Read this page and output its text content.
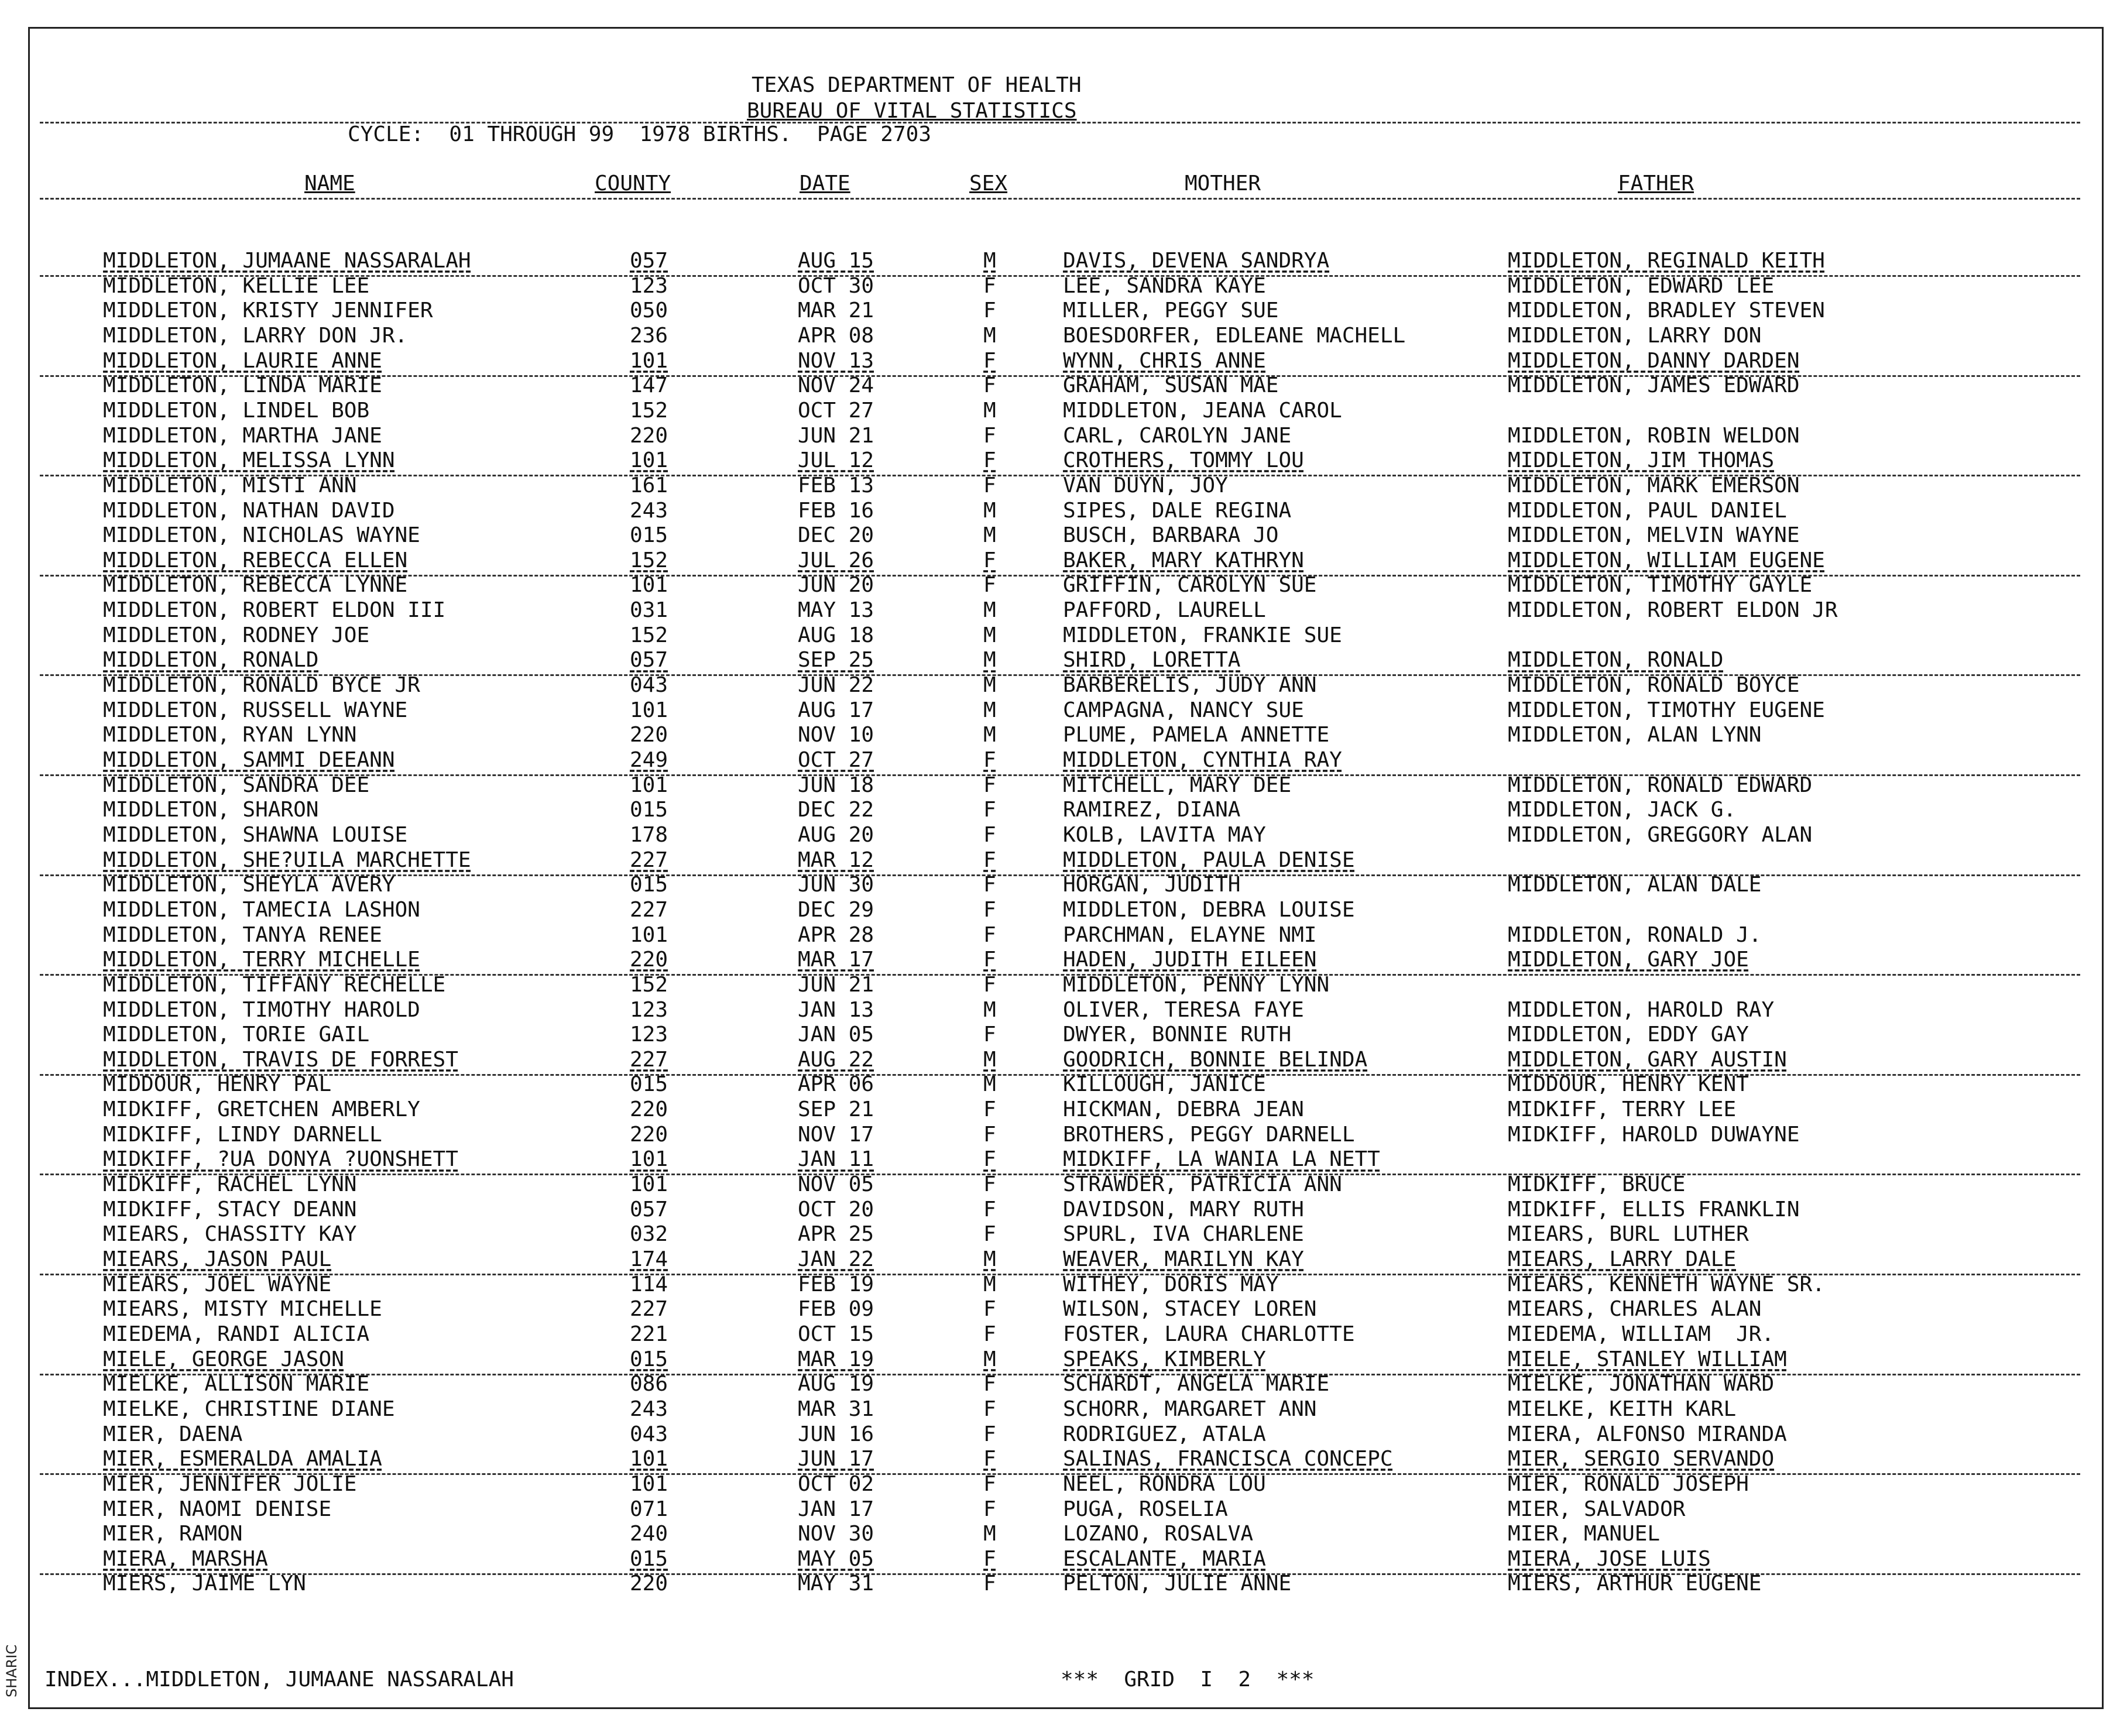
TEXAS DEPARTMENT OF HEALTH
BUREAU OF VITAL STATISTICS
CYCLE:  01 THROUGH 99  1978 BIRTHS.  PAGE 2703
NAME	COUNTY	DATE	SEX	MOTHER	FATHER
MIDDLETON, JUMAANE NASSARALAH	057	AUG 15	M	DAVIS, DEVENA SANDRYA	MIDDLETON, REGINALD KEITH
MIDDLETON, KELLIE LEE	123	OCT 30	F	LEE, SANDRA KAYE	MIDDLETON, EDWARD LEE
MIDDLETON, KRISTY JENNIFER	050	MAR 21	F	MILLER, PEGGY SUE	MIDDLETON, BRADLEY STEVEN
MIDDLETON, LARRY DON JR.	236	APR 08	M	BOESDORFER, EDLEANE MACHELL	MIDDLETON, LARRY DON
MIDDLETON, LAURIE ANNE	101	NOV 13	F	WYNN, CHRIS ANNE	MIDDLETON, DANNY DARDEN
MIDDLETON, LINDA MARIE	147	NOV 24	F	GRAHAM, SUSAN MAE	MIDDLETON, JAMES EDWARD
MIDDLETON, LINDEL BOB	152	OCT 27	M	MIDDLETON, JEANA CAROL
MIDDLETON, MARTHA JANE	220	JUN 21	F	CARL, CAROLYN JANE	MIDDLETON, ROBIN WELDON
MIDDLETON, MELISSA LYNN	101	JUL 12	F	CROTHERS, TOMMY LOU	MIDDLETON, JIM THOMAS
MIDDLETON, MISTI ANN	161	FEB 13	F	VAN DUYN, JOY	MIDDLETON, MARK EMERSON
MIDDLETON, NATHAN DAVID	243	FEB 16	M	SIPES, DALE REGINA	MIDDLETON, PAUL DANIEL
MIDDLETON, NICHOLAS WAYNE	015	DEC 20	M	BUSCH, BARBARA JO	MIDDLETON, MELVIN WAYNE
MIDDLETON, REBECCA ELLEN	152	JUL 26	F	BAKER, MARY KATHRYN	MIDDLETON, WILLIAM EUGENE
MIDDLETON, REBECCA LYNNE	101	JUN 20	F	GRIFFIN, CAROLYN SUE	MIDDLETON, TIMOTHY GAYLE
MIDDLETON, ROBERT ELDON III	031	MAY 13	M	PAFFORD, LAURELL	MIDDLETON, ROBERT ELDON JR
MIDDLETON, RODNEY JOE	152	AUG 18	M	MIDDLETON, FRANKIE SUE
MIDDLETON, RONALD	057	SEP 25	M	SHIRD, LORETTA	MIDDLETON, RONALD
MIDDLETON, RONALD BYCE JR	043	JUN 22	M	BARBERELIS, JUDY ANN	MIDDLETON, RONALD BOYCE
MIDDLETON, RUSSELL WAYNE	101	AUG 17	M	CAMPAGNA, NANCY SUE	MIDDLETON, TIMOTHY EUGENE
MIDDLETON, RYAN LYNN	220	NOV 10	M	PLUME, PAMELA ANNETTE	MIDDLETON, ALAN LYNN
MIDDLETON, SAMMI DEEANN	249	OCT 27	F	MIDDLETON, CYNTHIA RAY
MIDDLETON, SANDRA DEE	101	JUN 18	F	MITCHELL, MARY DEE	MIDDLETON, RONALD EDWARD
MIDDLETON, SHARON	015	DEC 22	F	RAMIREZ, DIANA	MIDDLETON, JACK G.
MIDDLETON, SHAWNA LOUISE	178	AUG 20	F	KOLB, LAVITA MAY	MIDDLETON, GREGGORY ALAN
MIDDLETON, SHE?UILA MARCHETTE	227	MAR 12	F	MIDDLETON, PAULA DENISE
MIDDLETON, SHEYLA AVERY	015	JUN 30	F	HORGAN, JUDITH	MIDDLETON, ALAN DALE
MIDDLETON, TAMECIA LASHON	227	DEC 29	F	MIDDLETON, DEBRA LOUISE
MIDDLETON, TANYA RENEE	101	APR 28	F	PARCHMAN, ELAYNE NMI	MIDDLETON, RONALD J.
MIDDLETON, TERRY MICHELLE	220	MAR 17	F	HADEN, JUDITH EILEEN	MIDDLETON, GARY JOE
MIDDLETON, TIFFANY RECHELLE	152	JUN 21	F	MIDDLETON, PENNY LYNN
MIDDLETON, TIMOTHY HAROLD	123	JAN 13	M	OLIVER, TERESA FAYE	MIDDLETON, HAROLD RAY
MIDDLETON, TORIE GAIL	123	JAN 05	F	DWYER, BONNIE RUTH	MIDDLETON, EDDY GAY
MIDDLETON, TRAVIS DE FORREST	227	AUG 22	M	GOODRICH, BONNIE BELINDA	MIDDLETON, GARY AUSTIN
MIDDOUR, HENRY PAL	015	APR 06	M	KILLOUGH, JANICE	MIDDOUR, HENRY KENT
MIDKIFF, GRETCHEN AMBERLY	220	SEP 21	F	HICKMAN, DEBRA JEAN	MIDKIFF, TERRY LEE
MIDKIFF, LINDY DARNELL	220	NOV 17	F	BROTHERS, PEGGY DARNELL	MIDKIFF, HAROLD DUWAYNE
MIDKIFF, ?UA DONYA ?UONSHETT	101	JAN 11	F	MIDKIFF, LA WANIA LA NETT
MIDKIFF, RACHEL LYNN	101	NOV 05	F	STRAWDER, PATRICIA ANN	MIDKIFF, BRUCE
MIDKIFF, STACY DEANN	057	OCT 20	F	DAVIDSON, MARY RUTH	MIDKIFF, ELLIS FRANKLIN
MIEARS, CHASSITY KAY	032	APR 25	F	SPURL, IVA CHARLENE	MIEARS, BURL LUTHER
MIEARS, JASON PAUL	174	JAN 22	M	WEAVER, MARILYN KAY	MIEARS, LARRY DALE
MIEARS, JOEL WAYNE	114	FEB 19	M	WITHEY, DORIS MAY	MIEARS, KENNETH WAYNE SR.
MIEARS, MISTY MICHELLE	227	FEB 09	F	WILSON, STACEY LOREN	MIEARS, CHARLES ALAN
MIEDEMA, RANDI ALICIA	221	OCT 15	F	FOSTER, LAURA CHARLOTTE	MIEDEMA, WILLIAM  JR.
MIELE, GEORGE JASON	015	MAR 19	M	SPEAKS, KIMBERLY	MIELE, STANLEY WILLIAM
MIELKE, ALLISON MARIE	086	AUG 19	F	SCHARDT, ANGELA MARIE	MIELKE, JONATHAN WARD
MIELKE, CHRISTINE DIANE	243	MAR 31	F	SCHORR, MARGARET ANN	MIELKE, KEITH KARL
MIER, DAENA	043	JUN 16	F	RODRIGUEZ, ATALA	MIERA, ALFONSO MIRANDA
MIER, ESMERALDA AMALIA	101	JUN 17	F	SALINAS, FRANCISCA CONCEPC	MIER, SERGIO SERVANDO
MIER, JENNIFER JOLIE	101	OCT 02	F	NEEL, RONDRA LOU	MIER, RONALD JOSEPH
MIER, NAOMI DENISE	071	JAN 17	F	PUGA, ROSELIA	MIER, SALVADOR
MIER, RAMON	240	NOV 30	M	LOZANO, ROSALVA	MIER, MANUEL
MIERA, MARSHA	015	MAY 05	F	ESCALANTE, MARIA	MIERA, JOSE LUIS
MIERS, JAIME LYN	220	MAY 31	F	PELTON, JULIE ANNE	MIERS, ARTHUR EUGENE
INDEX...MIDDLETON, JUMAANE NASSARALAH	***  GRID  I  2  ***
SHARIC
